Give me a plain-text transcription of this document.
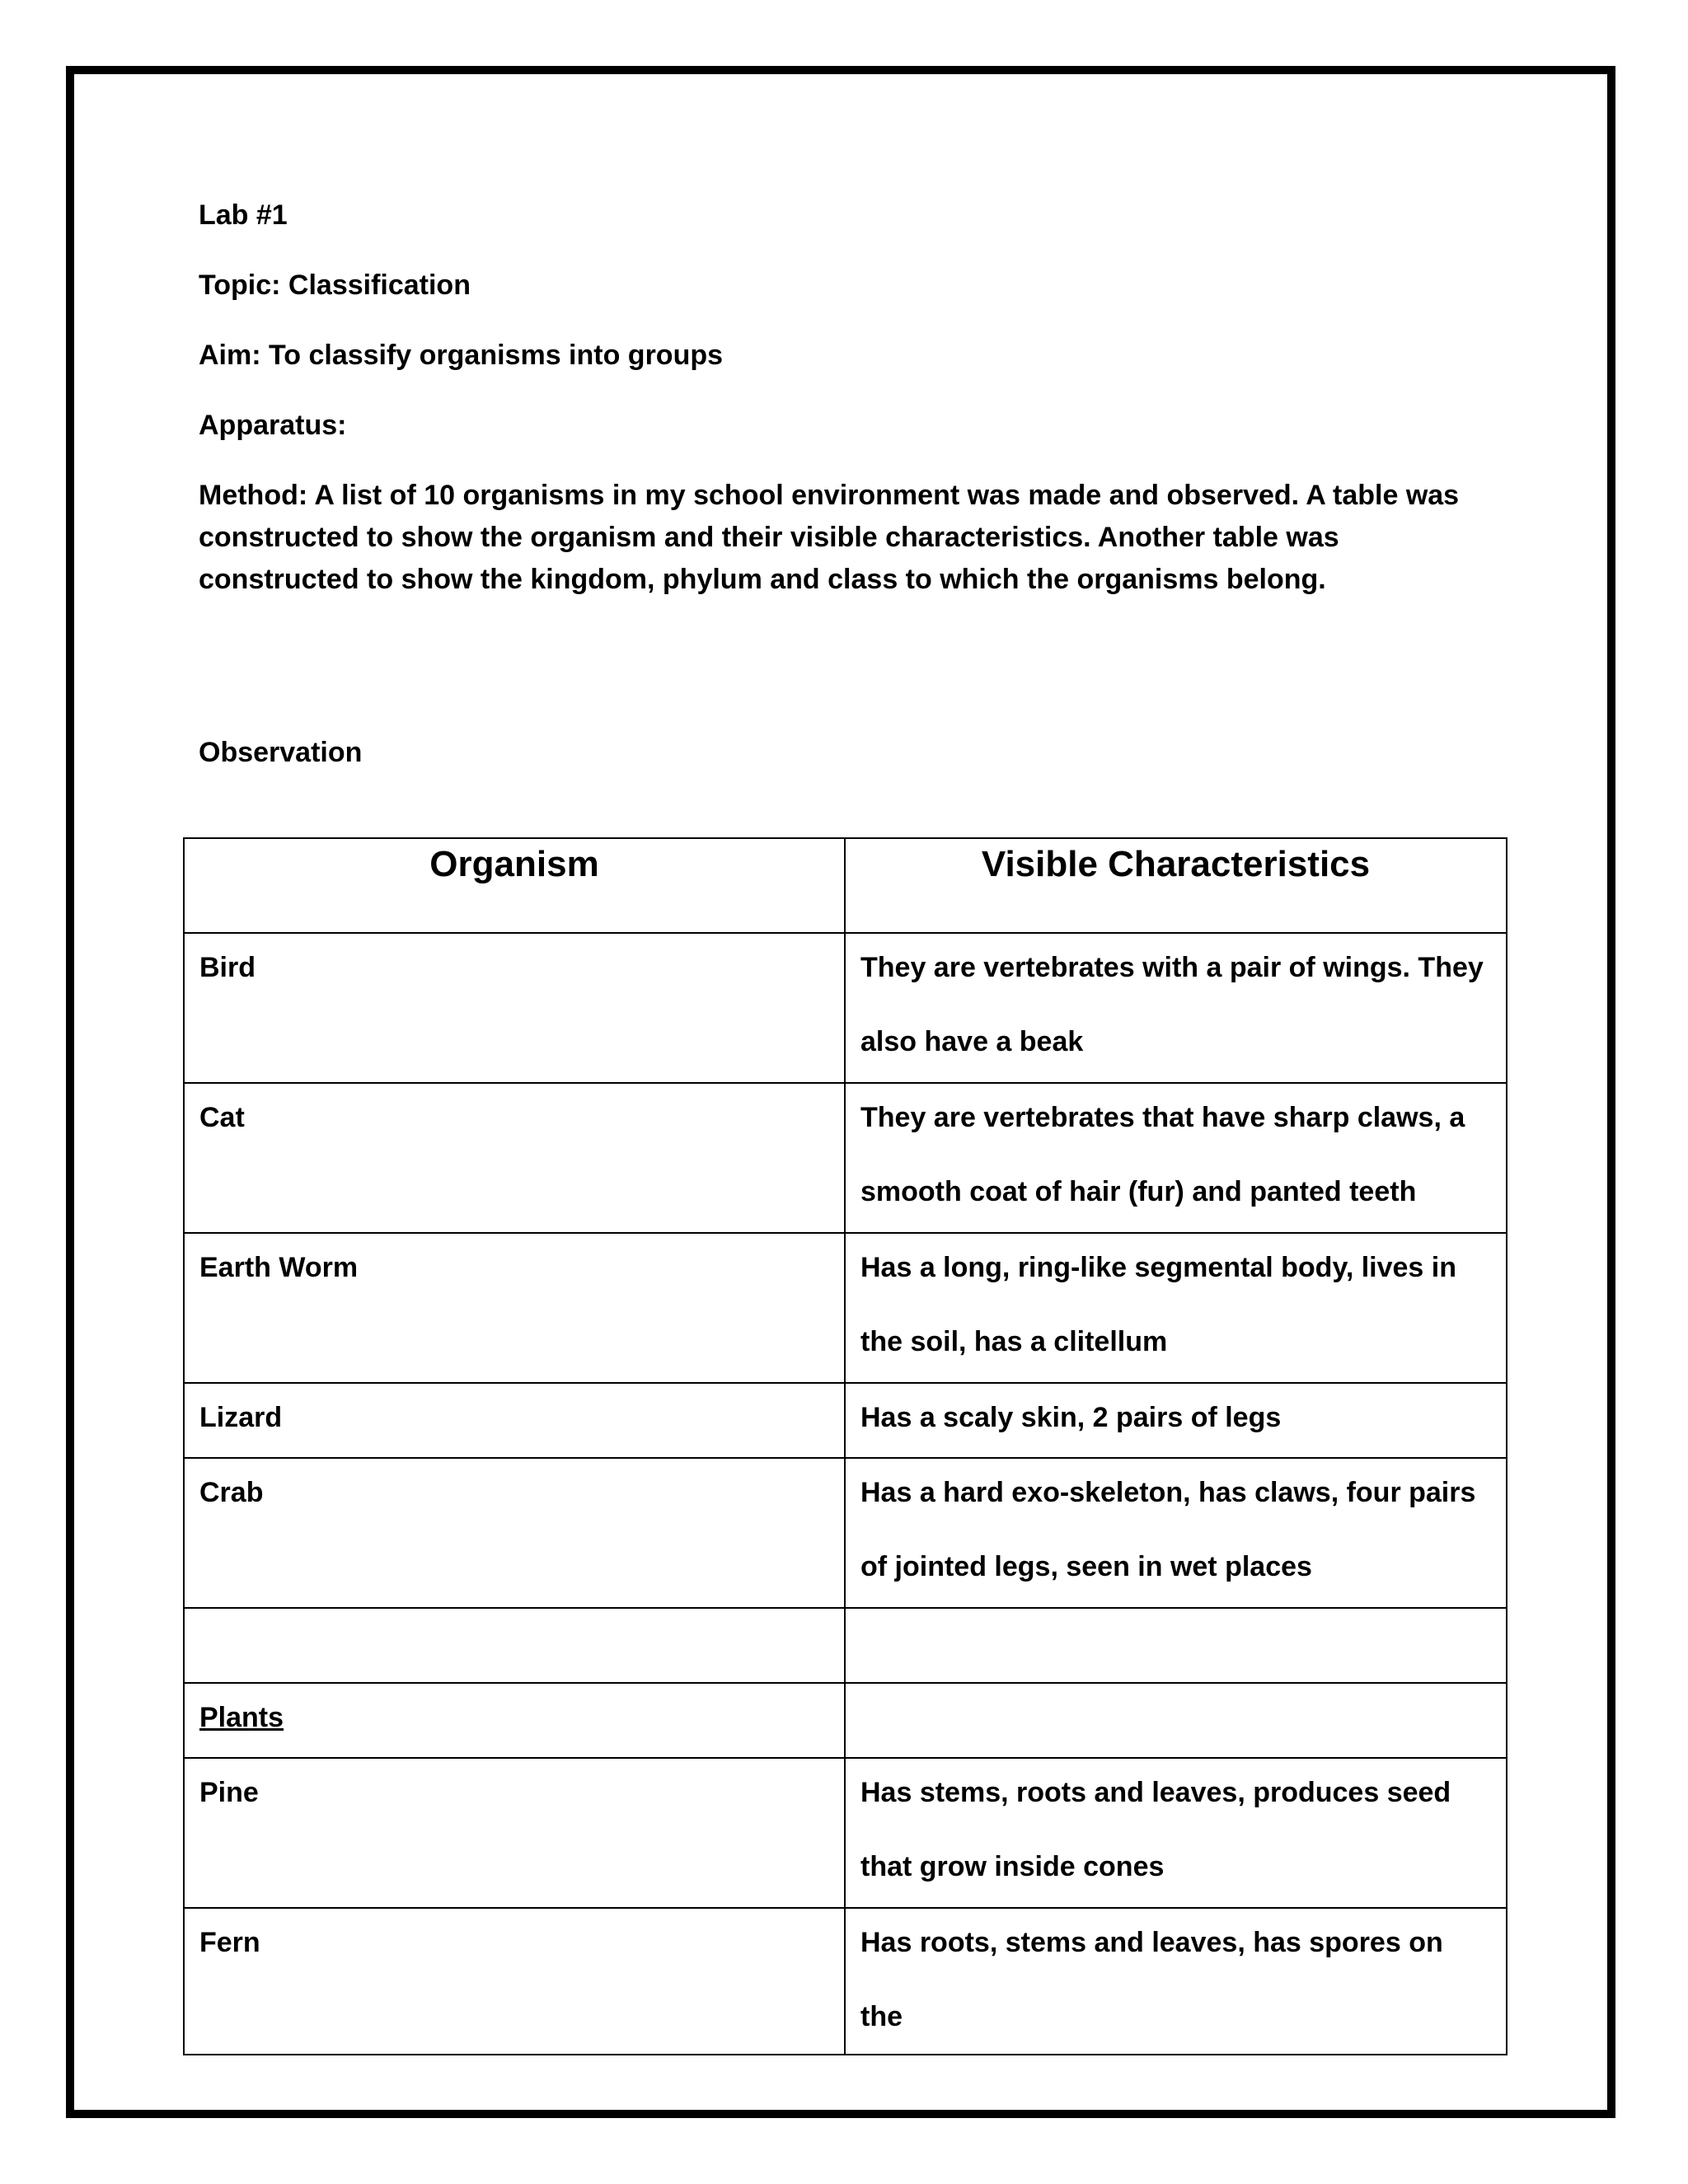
Lab #1
Topic: Classification
Aim: To classify organisms into groups
Apparatus:
Method: A list of 10 organisms in my school environment was made and observed. A table was constructed to show the organism and their visible characteristics. Another table was constructed to show the kingdom, phylum and class to which the organisms belong.
Observation
Organism	Visible Characteristics

Bird	They are vertebrates with a pair of wings. They also have a beak

Cat	They are vertebrates that have sharp claws, a smooth coat of hair (fur) and panted teeth

Earth Worm	Has a long, ring-like segmental body, lives in the soil, has a clitellum

Lizard	Has a scaly skin, 2 pairs of legs

Crab	Has a hard exo-skeleton, has claws, four pairs of jointed legs, seen in wet places

Plants	

Pine	Has stems, roots and leaves, produces seed that grow inside cones

Fern	Has roots, stems and leaves, has spores on the
